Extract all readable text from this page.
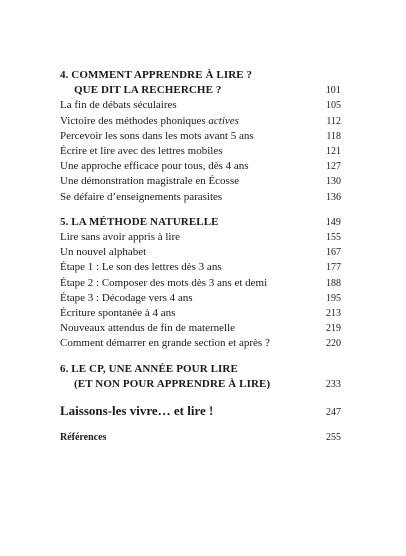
4. COMMENT APPRENDRE À LIRE ?
QUE DIT LA RECHERCHE ?	101
La fin de débats séculaires	105
Victoire des méthodes phoniques actives	112
Percevoir les sons dans les mots avant 5 ans	118
Écrire et lire avec des lettres mobiles	121
Une approche efficace pour tous, dès 4 ans	127
Une démonstration magistrale en Écosse	130
Se défaire d’enseignements parasites	136
5. LA MÉTHODE NATURELLE	149
Lire sans avoir appris à lire	155
Un nouvel alphabet	167
Étape 1 : Le son des lettres dès 3 ans	177
Étape 2 : Composer des mots dès 3 ans et demi	188
Étape 3 : Décodage vers 4 ans	195
Écriture spontanée à 4 ans	213
Nouveaux attendus de fin de maternelle	219
Comment démarrer en grande section et après ?	220
6. LE CP, UNE ANNÉE POUR LIRE
(ET NON POUR APPRENDRE À LIRE)	233
Laissons-les vivre… et lire !	247
Références	255
